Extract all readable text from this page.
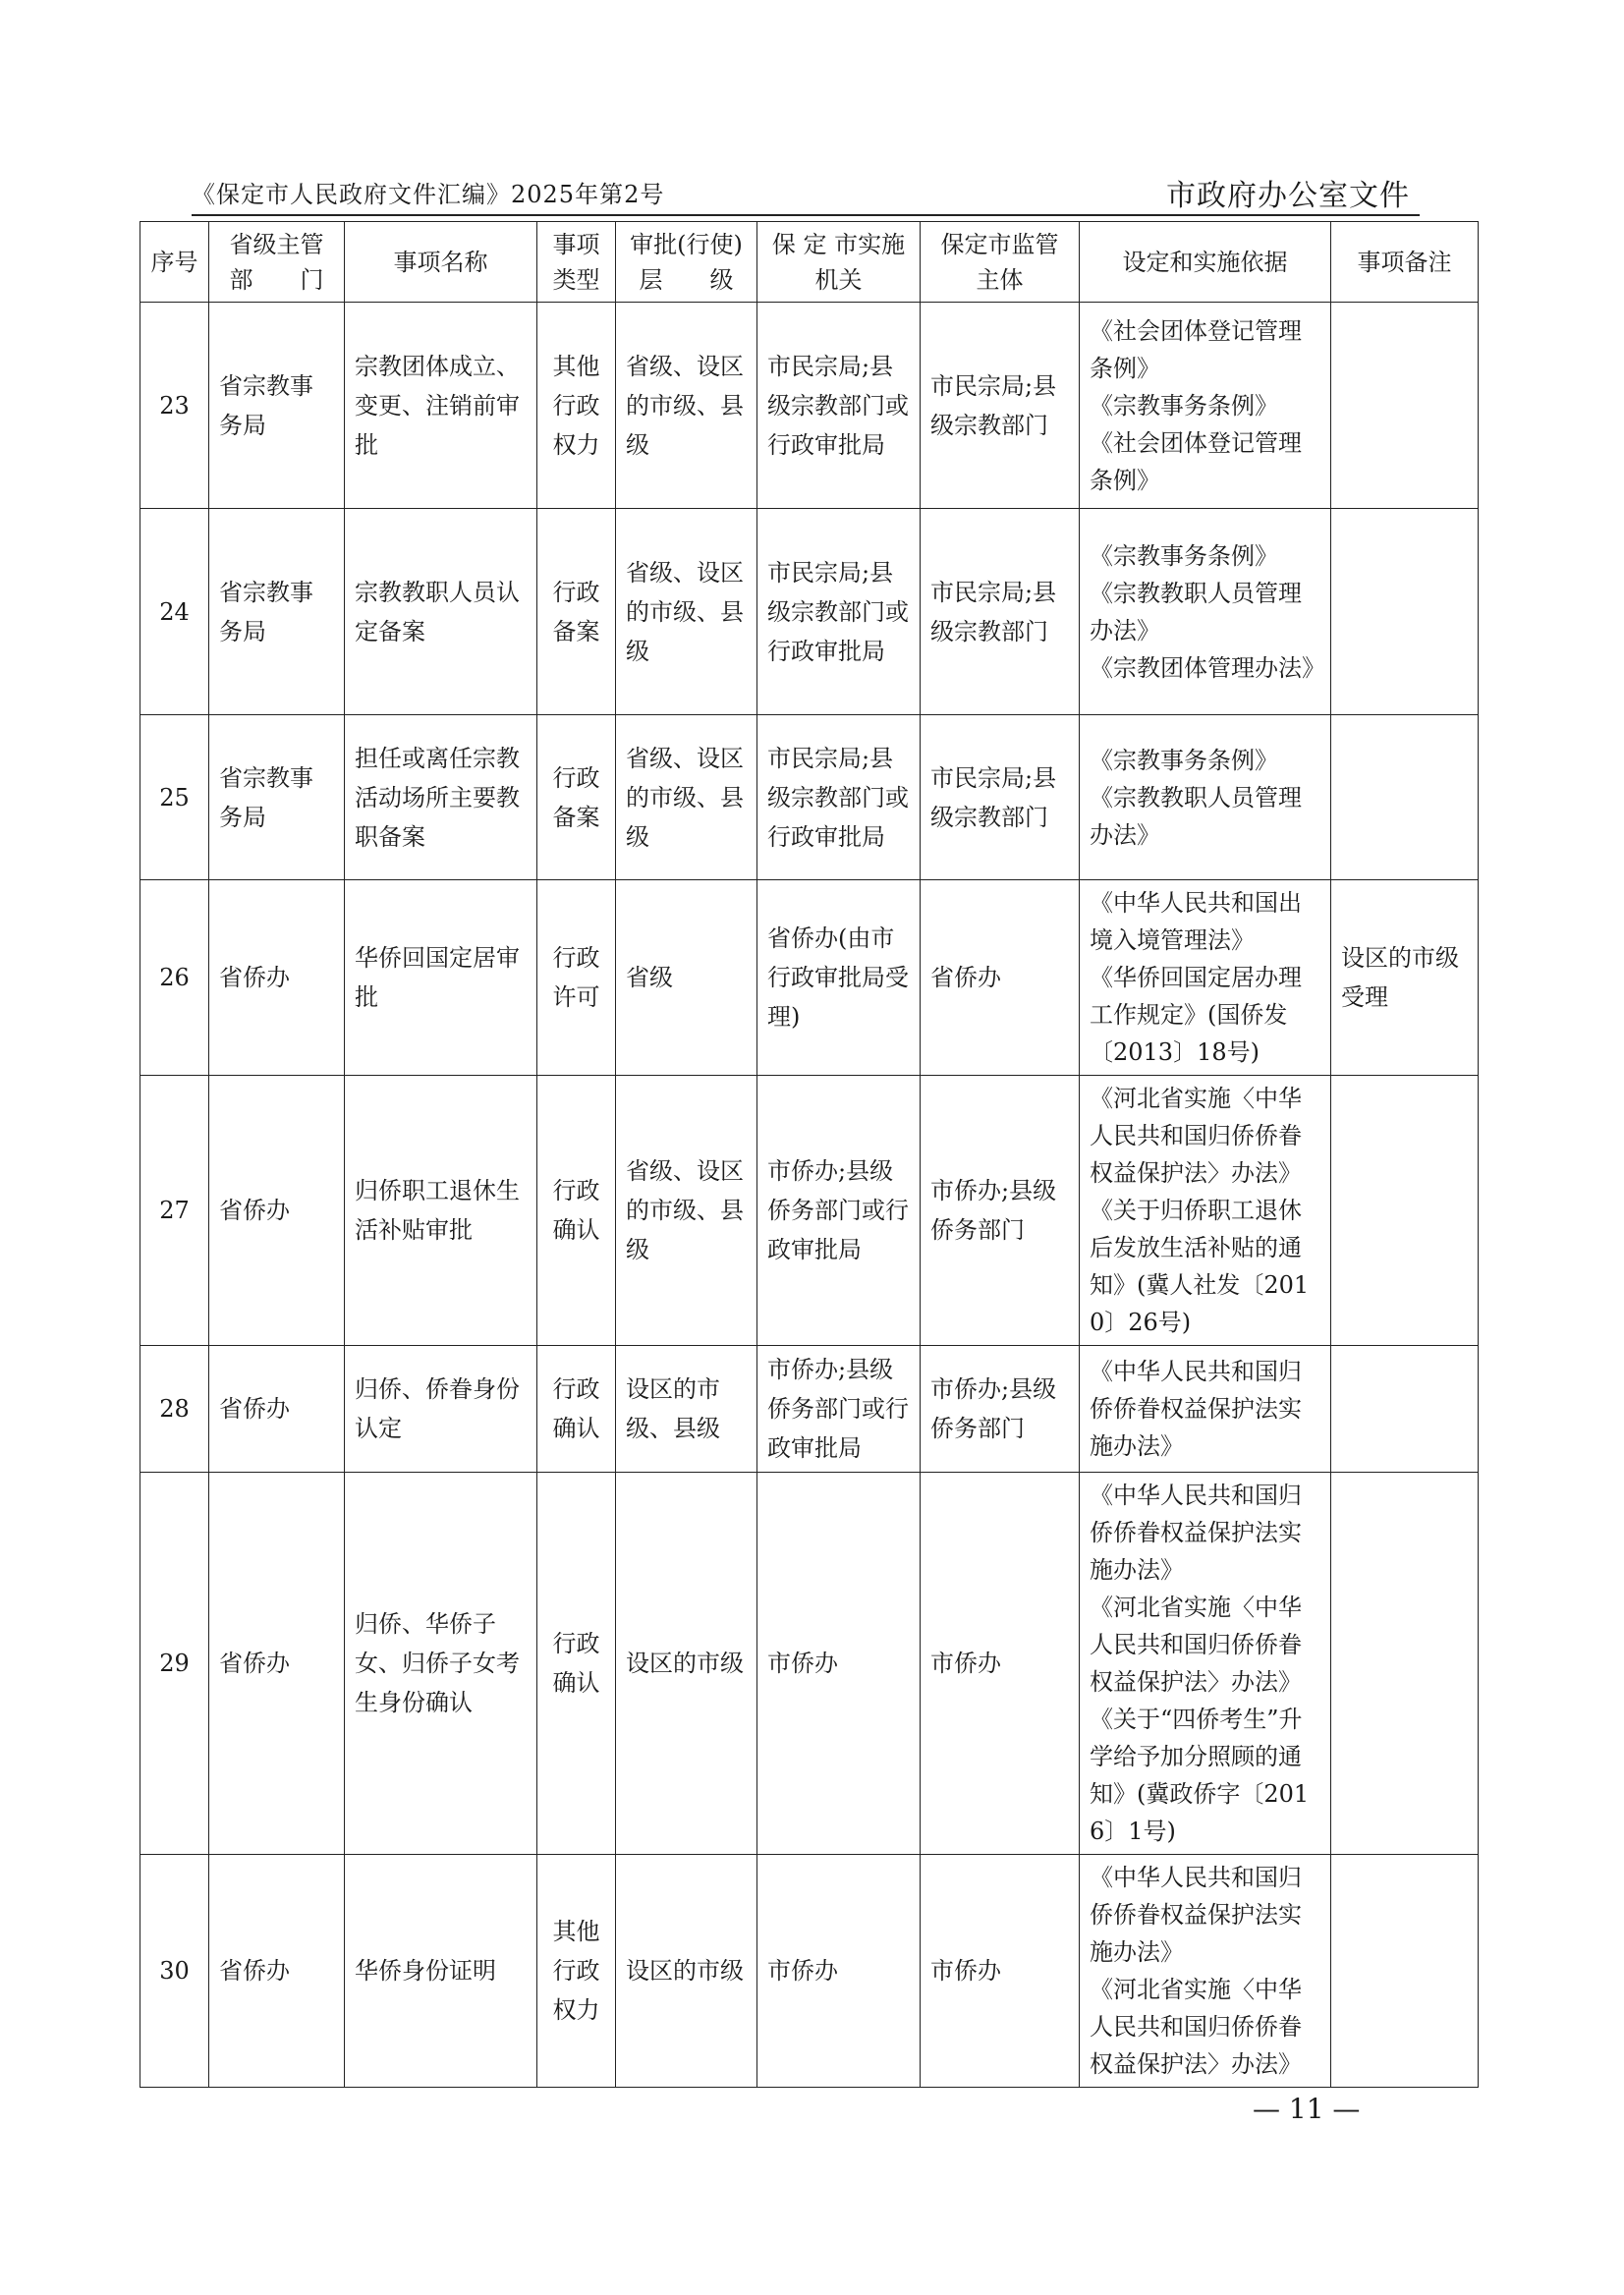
《保定市人民政府文件汇编》2025年第2号	市政府办公室文件
序号	省级主管部　　门	事项名称	事项类型	审批(行使)层　　级	保 定 市实施机关	保定市监管主体	设定和实施依据	事项备注
23	省宗教事务局	宗教团体成立、变更、注销前审批	其他行政权力	省级、设区的市级、县级	市民宗局;县级宗教部门或行政审批局	市民宗局;县级宗教部门	《社会团体登记管理条例》
《宗教事务条例》
《社会团体登记管理条例》	

24	省宗教事务局	宗教教职人员认定备案	行政备案	省级、设区的市级、县级	市民宗局;县级宗教部门或行政审批局	市民宗局;县级宗教部门	《宗教事务条例》
《宗教教职人员管理办法》
《宗教团体管理办法》	

25	省宗教事务局	担任或离任宗教活动场所主要教职备案	行政备案	省级、设区的市级、县级	市民宗局;县级宗教部门或行政审批局	市民宗局;县级宗教部门	《宗教事务条例》
《宗教教职人员管理办法》	

26	省侨办	华侨回国定居审批	行政许可	省级	省侨办(由市行政审批局受理)	省侨办	《中华人民共和国出境入境管理法》
《华侨回国定居办理工作规定》(国侨发〔2013〕18号)	设区的市级受理
27	省侨办	归侨职工退休生活补贴审批	行政确认	省级、设区的市级、县级	市侨办;县级侨务部门或行政审批局	市侨办;县级侨务部门	《河北省实施〈中华人民共和国归侨侨眷权益保护法〉办法》
《关于归侨职工退休后发放生活补贴的通知》(冀人社发〔2010〕26号)	

28	省侨办	归侨、侨眷身份认定	行政确认	设区的市级、县级	市侨办;县级侨务部门或行政审批局	市侨办;县级侨务部门	《中华人民共和国归侨侨眷权益保护法实施办法》	

29	省侨办	归侨、华侨子女、归侨子女考生身份确认	行政确认	设区的市级	市侨办	市侨办	《中华人民共和国归侨侨眷权益保护法实施办法》
《河北省实施〈中华人民共和国归侨侨眷权益保护法〉办法》
《关于“四侨考生”升学给予加分照顾的通知》(冀政侨字〔2016〕1号)	

30	省侨办	华侨身份证明	其他行政权力	设区的市级	市侨办	市侨办	《中华人民共和国归侨侨眷权益保护法实施办法》
《河北省实施〈中华人民共和国归侨侨眷权益保护法〉办法》	

— 11 —
